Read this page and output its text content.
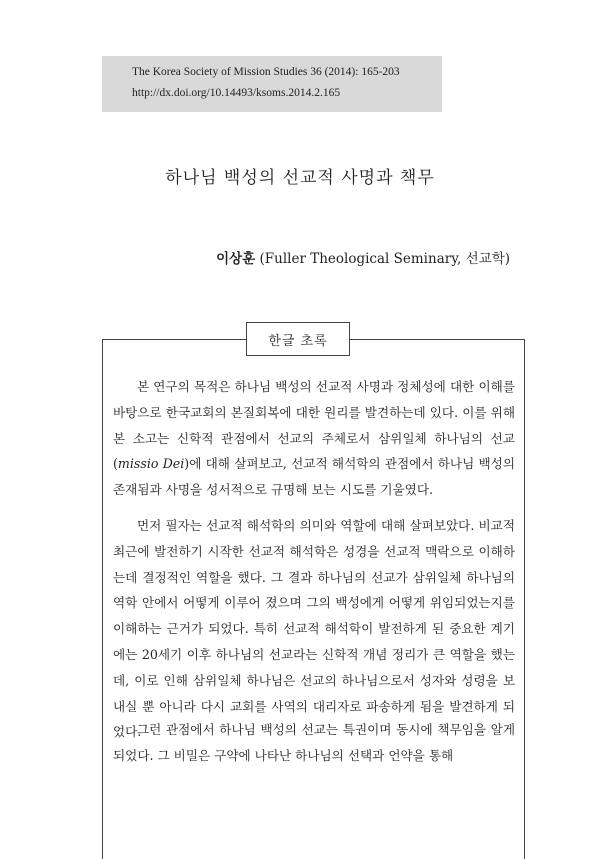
The Korea Society of Mission Studies 36 (2014): 165-203
http://dx.doi.org/10.14493/ksoms.2014.2.165
하나님 백성의 선교적 사명과 책무
이상훈 (Fuller Theological Seminary, 선교학)
한글 초록

본 연구의 목적은 하나님 백성의 선교적 사명과 정체성에 대한 이해를 바탕으로 한국교회의 본질회복에 대한 원리를 발견하는데 있다. 이를 위해 본 소고는 신학적 관점에서 선교의 주체로서 삼위일체 하나님의 선교(missio Dei)에 대해 살펴보고, 선교적 해석학의 관점에서 하나님 백성의 존재됨과 사명을 성서적으로 규명해 보는 시도를 기울였다.

먼저 필자는 선교적 해석학의 의미와 역할에 대해 살펴보았다. 비교적 최근에 발전하기 시작한 선교적 해석학은 성경을 선교적 맥락으로 이해하는데 결정적인 역할을 했다. 그 결과 하나님의 선교가 삼위일체 하나님의 역학 안에서 어떻게 이루어 졌으며 그의 백성에게 어떻게 위임되었는지를 이해하는 근거가 되었다. 특히 선교적 해석학이 발전하게 된 중요한 계기에는 20세기 이후 하나님의 선교라는 신학적 개념 정리가 큰 역할을 했는데, 이로 인해 삼위일체 하나님은 선교의 하나님으로서 성자와 성령을 보내실 뿐 아니라 다시 교회를 사역의 대리자로 파송하게 됨을 발견하게 되었다.

그런 관점에서 하나님 백성의 선교는 특권이며 동시에 책무임을 알게 되었다. 그 비밀은 구약에 나타난 하나님의 선택과 언약을 통해
